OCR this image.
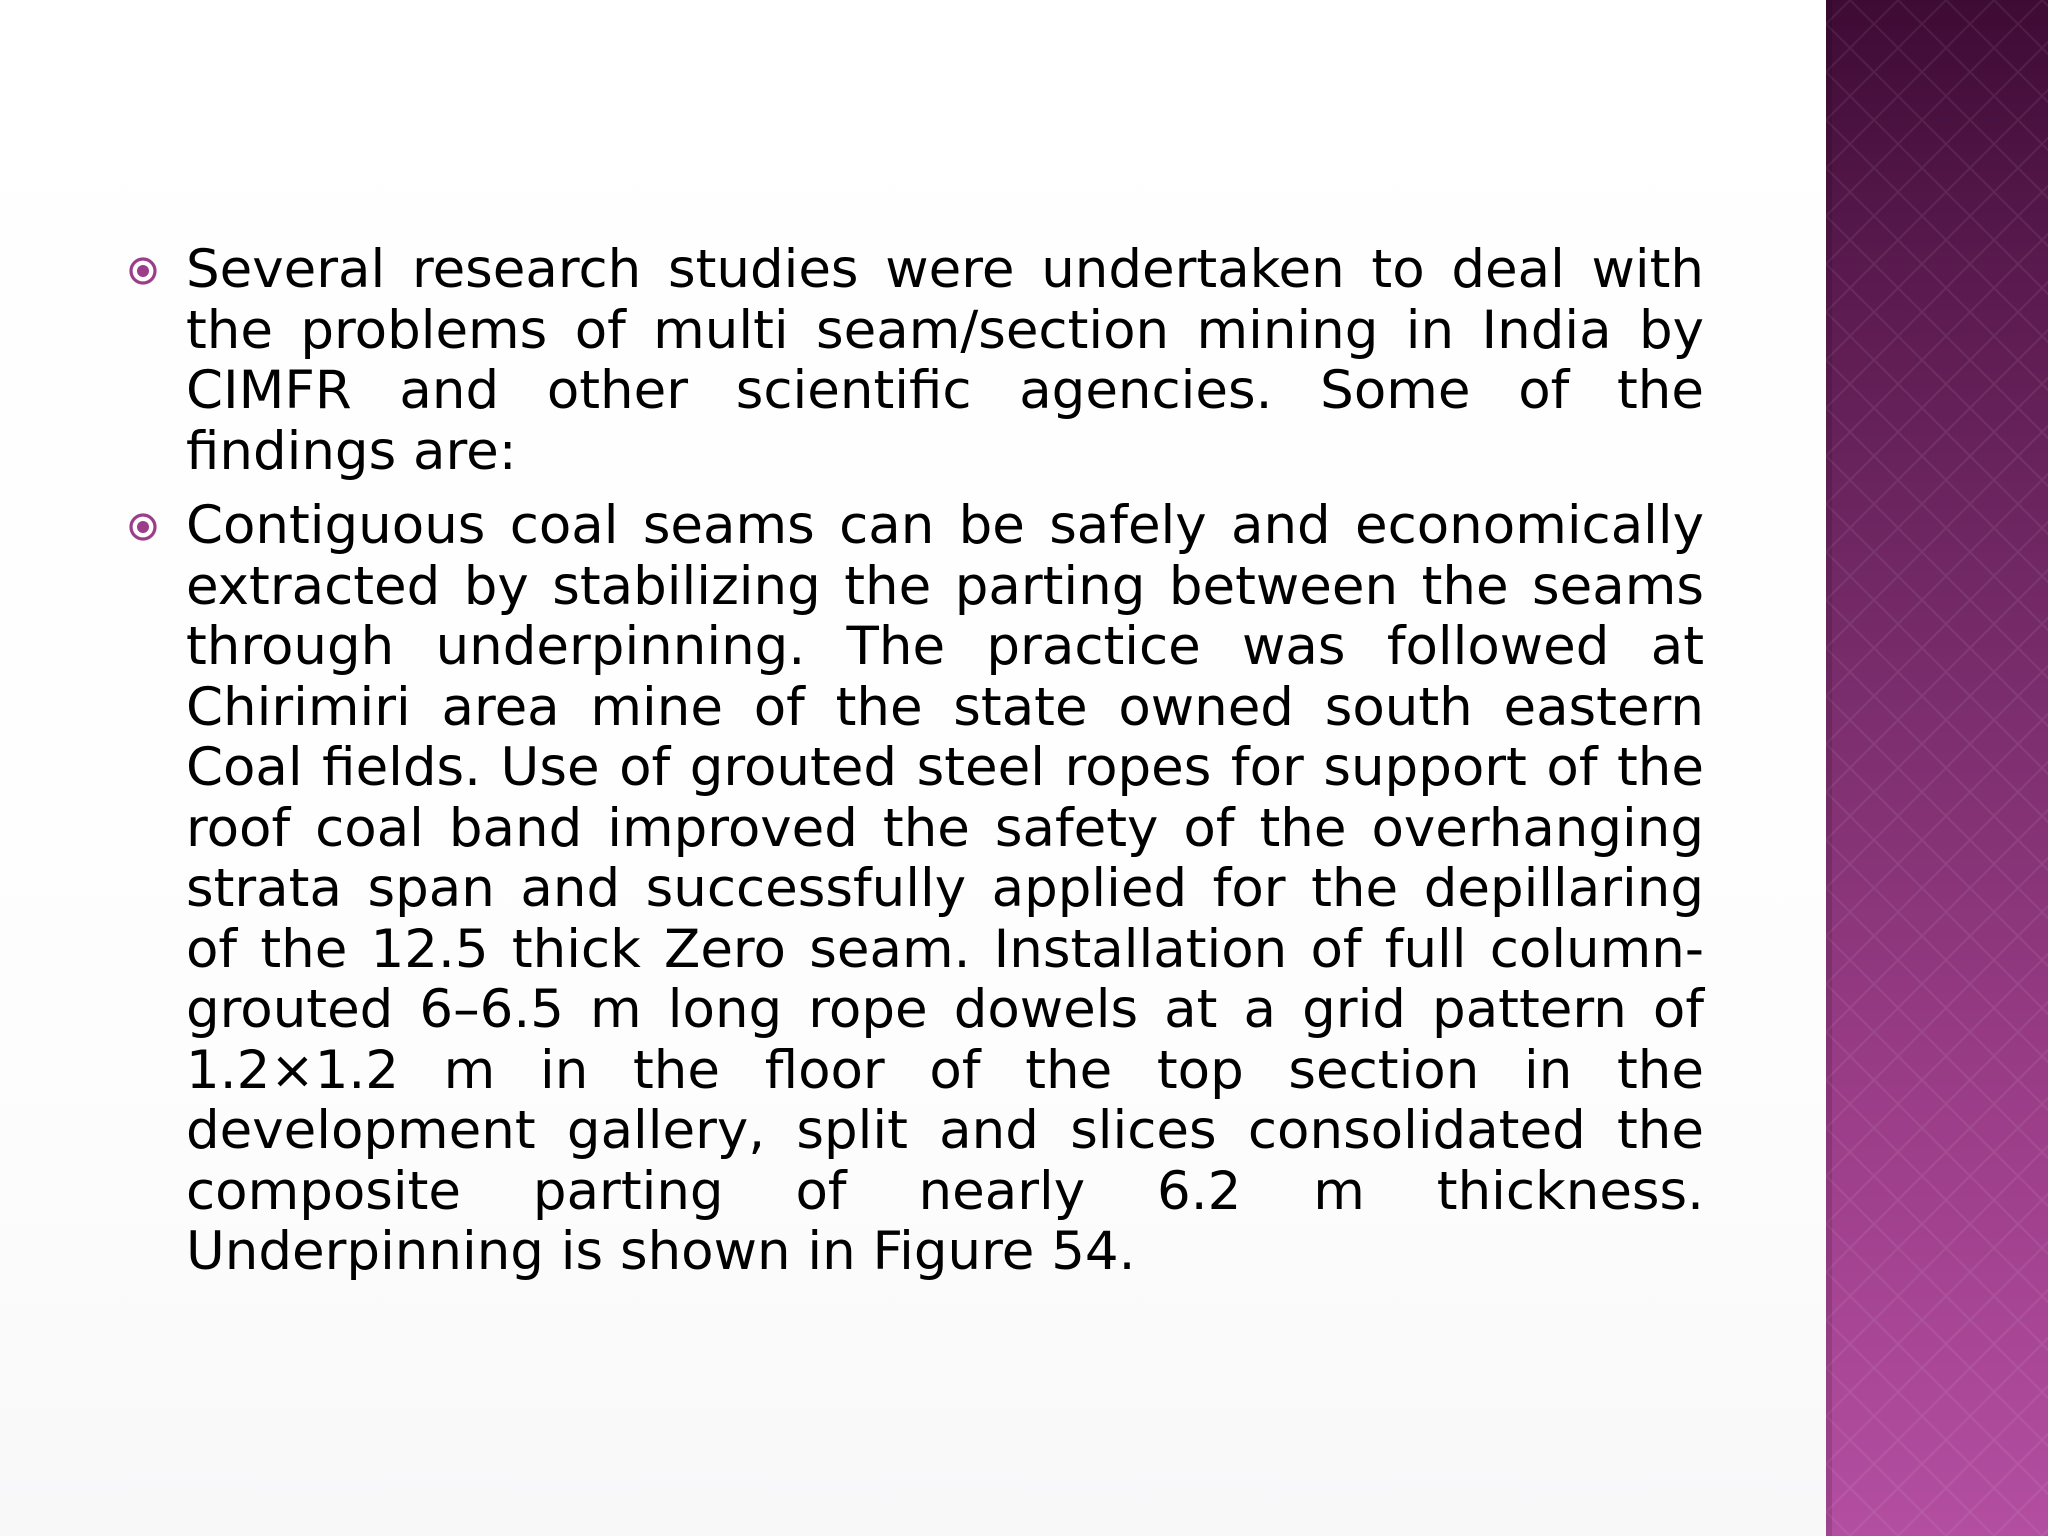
Several research studies were undertaken to deal with the problems of multi seam/section mining in India by CIMFR and other scientific agencies. Some of the findings are:

Contiguous coal seams can be safely and economically extracted by stabilizing the parting between the seams through underpinning. The practice was followed at Chirimiri area mine of the state owned south eastern Coal fields. Use of grouted steel ropes for support of the roof coal band improved the safety of the overhanging strata span and successfully applied for the depillaring of the 12.5 thick Zero seam. Installation of full column-grouted 6–6.5 m long rope dowels at a grid pattern of 1.2×1.2 m in the floor of the top section in the development gallery, split and slices consolidated the composite parting of nearly 6.2 m thickness. Underpinning is shown in Figure 54.
